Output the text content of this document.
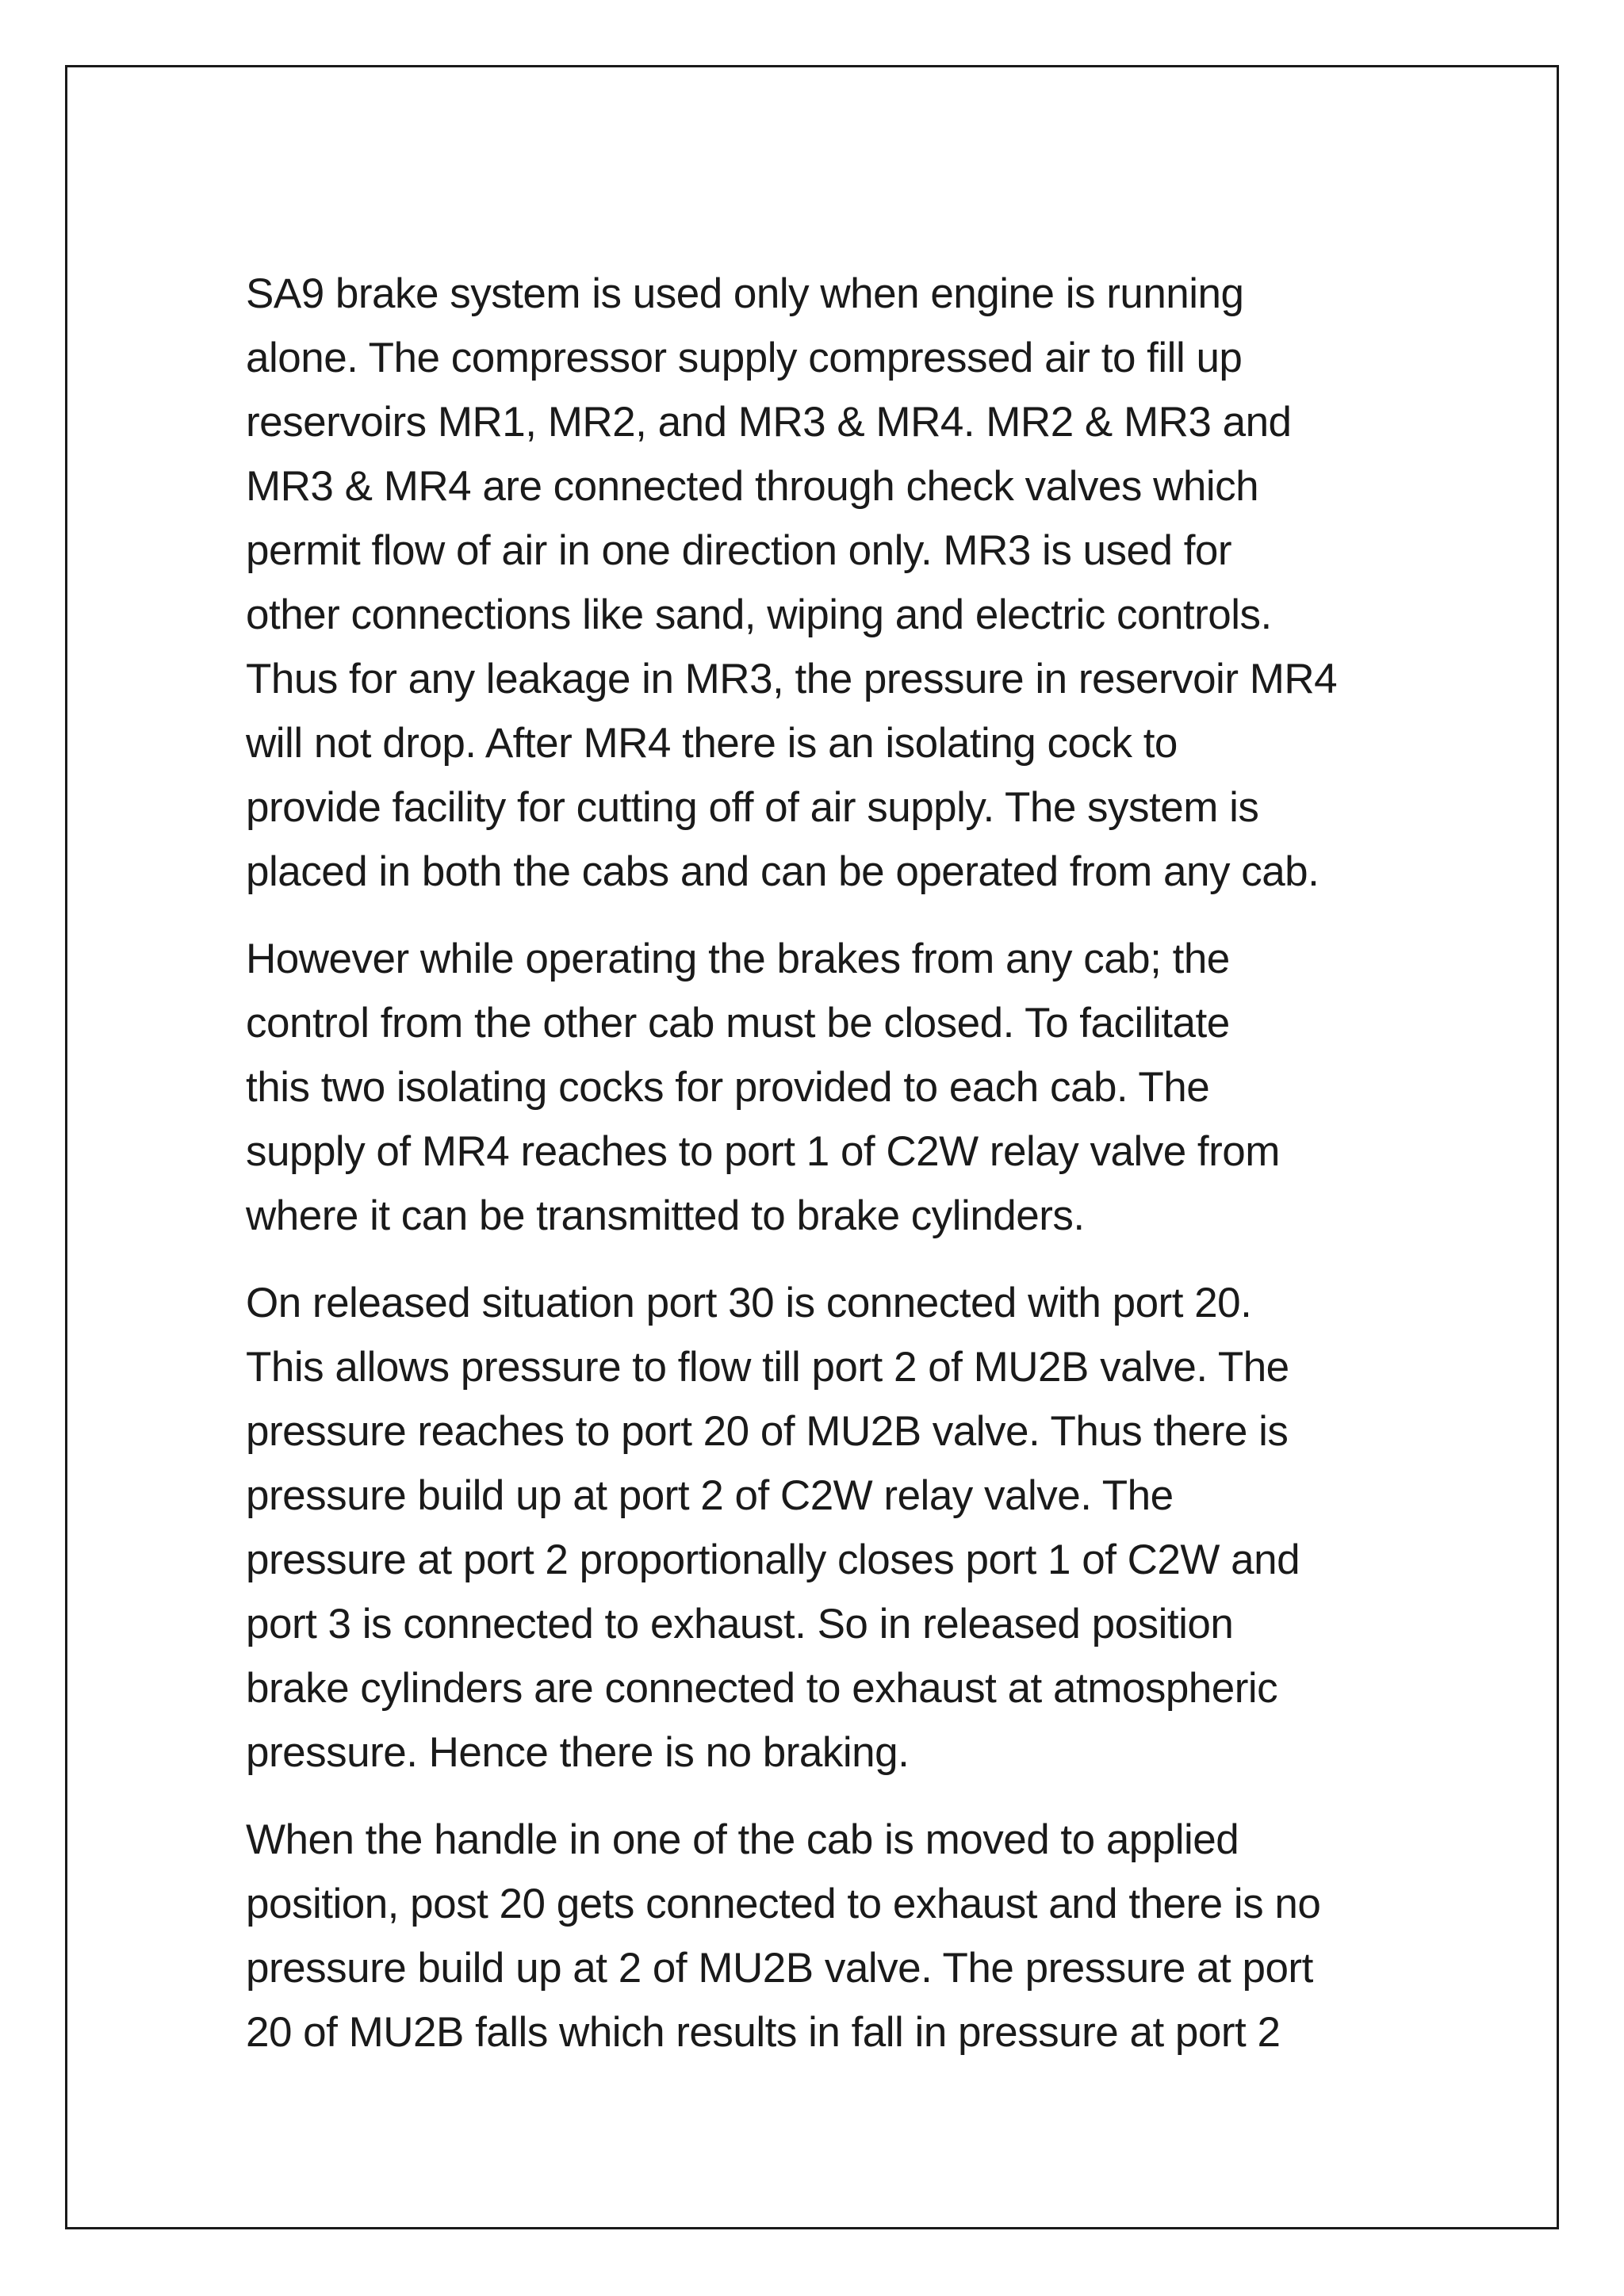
SA9 brake system is used only when engine is running
alone. The compressor supply compressed air to fill up
reservoirs MR1, MR2, and MR3 & MR4. MR2 & MR3 and
MR3 & MR4 are connected through check valves which
permit flow of air in one direction only. MR3 is used for
other connections like sand, wiping and electric controls.
Thus for any leakage in MR3, the pressure in reservoir MR4
will not drop. After MR4 there is an isolating cock to
provide facility for cutting off of air supply. The system is
placed in both the cabs and can be operated from any cab.

However while operating the brakes from any cab; the
control from the other cab must be closed. To facilitate
this two isolating cocks for provided to each cab. The
supply of MR4 reaches to port 1 of C2W relay valve from
where it can be transmitted to brake cylinders.

On released situation port 30 is connected with port 20.
This allows pressure to flow till port 2 of MU2B valve. The
pressure reaches to port 20 of MU2B valve. Thus there is
pressure build up at port 2 of C2W relay valve. The
pressure at port 2 proportionally closes port 1 of C2W and
port 3 is connected to exhaust. So in released position
brake cylinders are connected to exhaust at atmospheric
pressure. Hence there is no braking.

When the handle in one of the cab is moved to applied
position, post 20 gets connected to exhaust and there is no
pressure build up at 2 of MU2B valve. The pressure at port
20 of MU2B falls which results in fall in pressure at port 2
